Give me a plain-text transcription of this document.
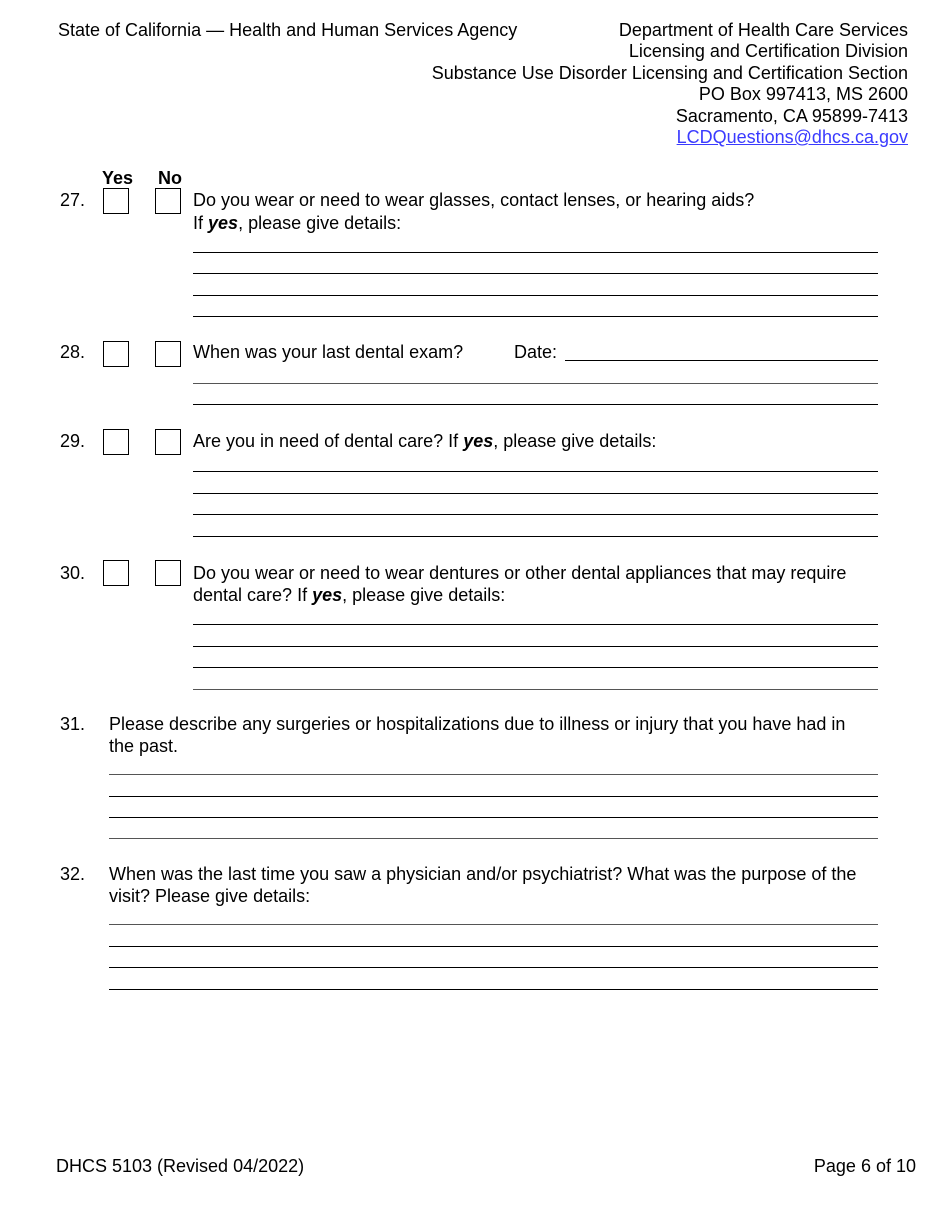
State of California — Health and Human Services Agency	Department of Health Care Services
Licensing and Certification Division
Substance Use Disorder Licensing and Certification Section
PO Box 997413, MS 2600
Sacramento, CA 95899-7413
LCDQuestions@dhcs.ca.gov
Yes No
27.	Do you wear or need to wear glasses, contact lenses, or hearing aids?
If yes, please give details:
28.	When was your last dental exam?	Date:
29.	Are you in need of dental care? If yes, please give details:
30.	Do you wear or need to wear dentures or other dental appliances that may require
dental care? If yes, please give details:
31. Please describe any surgeries or hospitalizations due to illness or injury that you have had in
the past.
32. When was the last time you saw a physician and/or psychiatrist? What was the purpose of the
visit? Please give details:
DHCS 5103 (Revised 04/2022)	Page 6 of 10
